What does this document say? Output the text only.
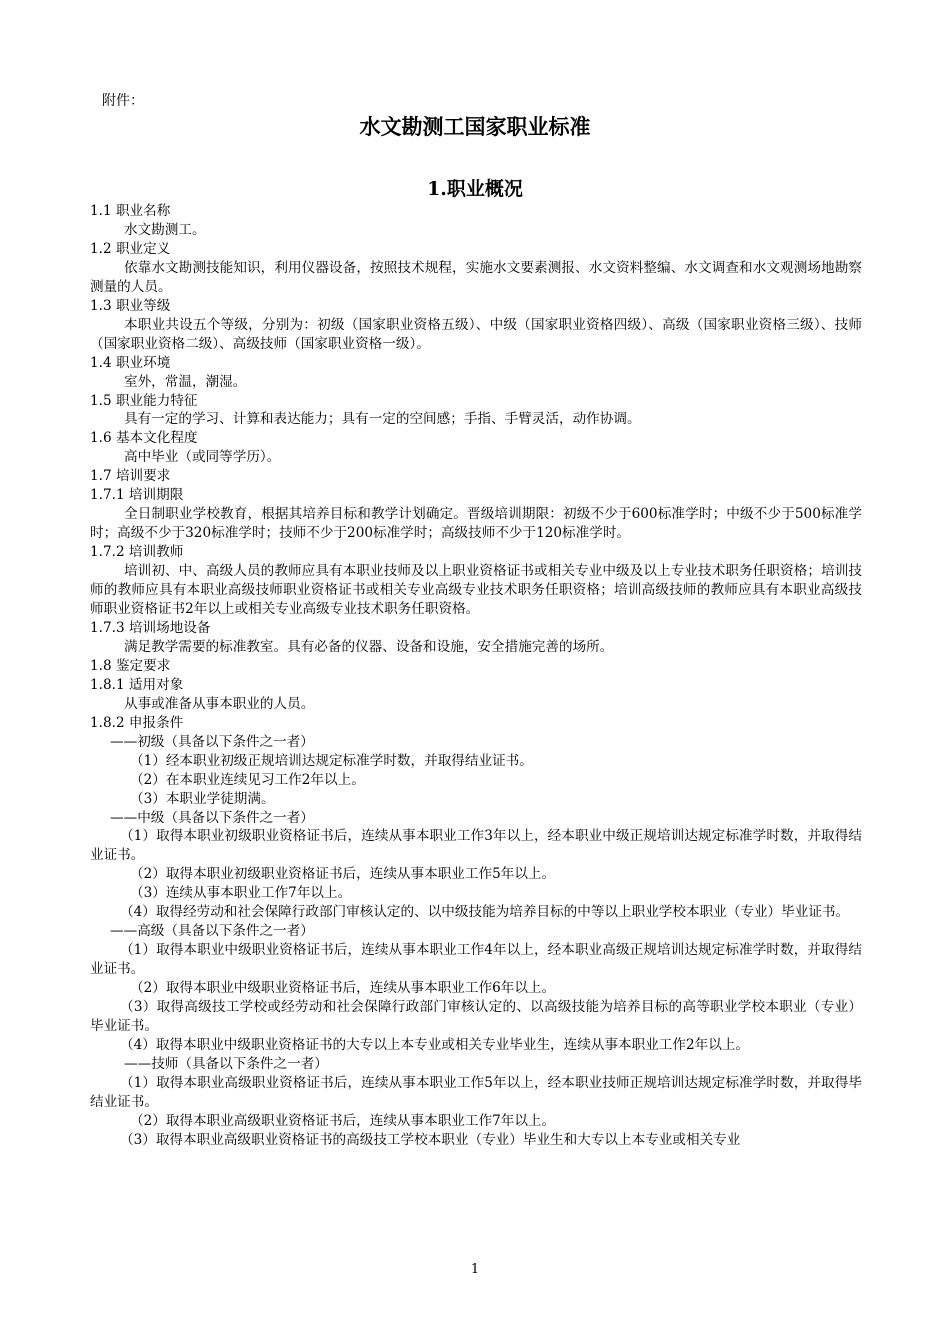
附件：
水文勘测工国家职业标准
1.职业概况

1.1 职业名称

水文勘测工。

1.2 职业定义

依靠水文勘测技能知识，利用仪器设备，按照技术规程，实施水文要素测报、水文资料整编、水文调查和水文观测场地勘察测量的人员。

1.3 职业等级

本职业共设五个等级，分别为：初级（国家职业资格五级）、中级（国家职业资格四级）、高级（国家职业资格三级）、技师（国家职业资格二级）、高级技师（国家职业资格一级）。

1.4 职业环境

室外，常温，潮湿。

1.5 职业能力特征

具有一定的学习、计算和表达能力；具有一定的空间感；手指、手臂灵活，动作协调。

1.6 基本文化程度

高中毕业（或同等学历）。

1.7 培训要求

1.7.1 培训期限

全日制职业学校教育，根据其培养目标和教学计划确定。晋级培训期限：初级不少于600标准学时；中级不少于500标准学时；高级不少于320标准学时；技师不少于200标准学时；高级技师不少于120标准学时。

1.7.2 培训教师

培训初、中、高级人员的教师应具有本职业技师及以上职业资格证书或相关专业中级及以上专业技术职务任职资格；培训技师的教师应具有本职业高级技师职业资格证书或相关专业高级专业技术职务任职资格；培训高级技师的教师应具有本职业高级技师职业资格证书2年以上或相关专业高级专业技术职务任职资格。

1.7.3 培训场地设备

满足教学需要的标准教室。具有必备的仪器、设备和设施，安全措施完善的场所。

1.8 鉴定要求

1.8.1 适用对象

从事或准备从事本职业的人员。

1.8.2 申报条件

——初级（具备以下条件之一者）

（1）经本职业初级正规培训达规定标准学时数，并取得结业证书。

（2）在本职业连续见习工作2年以上。

（3）本职业学徒期满。

——中级（具备以下条件之一者）

（1）取得本职业初级职业资格证书后，连续从事本职业工作3年以上，经本职业中级正规培训达规定标准学时数，并取得结业证书。

（2）取得本职业初级职业资格证书后，连续从事本职业工作5年以上。

（3）连续从事本职业工作7年以上。

（4）取得经劳动和社会保障行政部门审核认定的、以中级技能为培养目标的中等以上职业学校本职业（专业）毕业证书。

——高级（具备以下条件之一者）

（1）取得本职业中级职业资格证书后，连续从事本职业工作4年以上，经本职业高级正规培训达规定标准学时数，并取得结业证书。

（2）取得本职业中级职业资格证书后，连续从事本职业工作6年以上。

（3）取得高级技工学校或经劳动和社会保障行政部门审核认定的、以高级技能为培养目标的高等职业学校本职业（专业）毕业证书。

（4）取得本职业中级职业资格证书的大专以上本专业或相关专业毕业生，连续从事本职业工作2年以上。

——技师（具备以下条件之一者）

（1）取得本职业高级职业资格证书后，连续从事本职业工作5年以上，经本职业技师正规培训达规定标准学时数，并取得毕结业证书。

（2）取得本职业高级职业资格证书后，连续从事本职业工作7年以上。

（3）取得本职业高级职业资格证书的高级技工学校本职业（专业）毕业生和大专以上本专业或相关专业

1
